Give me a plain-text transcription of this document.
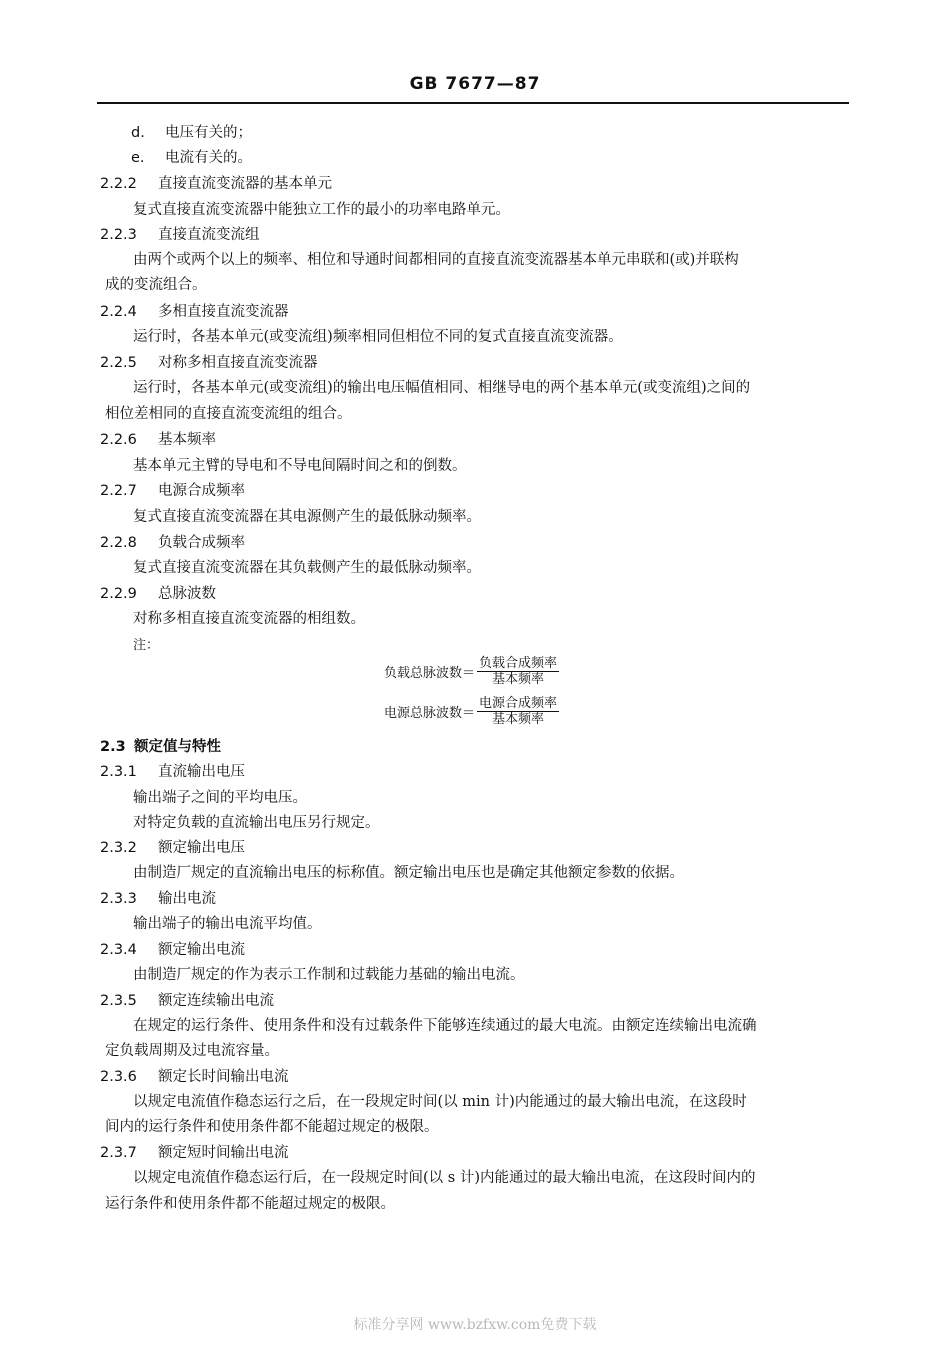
GB 7677—87
d. 电压有关的；
e. 电流有关的。
2.2.2 直接直流变流器的基本单元
复式直接直流变流器中能独立工作的最小的功率电路单元。
2.2.3 直接直流变流组
由两个或两个以上的频率、相位和导通时间都相同的直接直流变流器基本单元串联和(或)并联构
成的变流组合。
2.2.4 多相直接直流变流器
运行时，各基本单元(或变流组)频率相同但相位不同的复式直接直流变流器。
2.2.5 对称多相直接直流变流器
运行时，各基本单元(或变流组)的输出电压幅值相同、相继导电的两个基本单元(或变流组)之间的
相位差相同的直接直流变流组的组合。
2.2.6 基本频率
基本单元主臂的导电和不导电间隔时间之和的倒数。
2.2.7 电源合成频率
复式直接直流变流器在其电源侧产生的最低脉动频率。
2.2.8 负载合成频率
复式直接直流变流器在其负载侧产生的最低脉动频率。
2.2.9 总脉波数
对称多相直接直流变流器的相组数。
注：
负载总脉波数＝ $\frac{\text{负载合成频率}}{\text{基本频率}}$
电源总脉波数＝ $\frac{\text{电源合成频率}}{\text{基本频率}}$
2.3 额定值与特性
2.3.1 直流输出电压
输出端子之间的平均电压。
对特定负载的直流输出电压另行规定。
2.3.2 额定输出电压
由制造厂规定的直流输出电压的标称值。额定输出电压也是确定其他额定参数的依据。
2.3.3 输出电流
输出端子的输出电流平均值。
2.3.4 额定输出电流
由制造厂规定的作为表示工作制和过载能力基础的输出电流。
2.3.5 额定连续输出电流
在规定的运行条件、使用条件和没有过载条件下能够连续通过的最大电流。由额定连续输出电流确
定负载周期及过电流容量。
2.3.6 额定长时间输出电流
以规定电流值作稳态运行之后，在一段规定时间(以 min 计)内能通过的最大输出电流，在这段时
间内的运行条件和使用条件都不能超过规定的极限。
2.3.7 额定短时间输出电流
以规定电流值作稳态运行后，在一段规定时间(以 s 计)内能通过的最大输出电流，在这段时间内的
运行条件和使用条件都不能超过规定的极限。
标准分享网 www.bzfxw.com免费下载
